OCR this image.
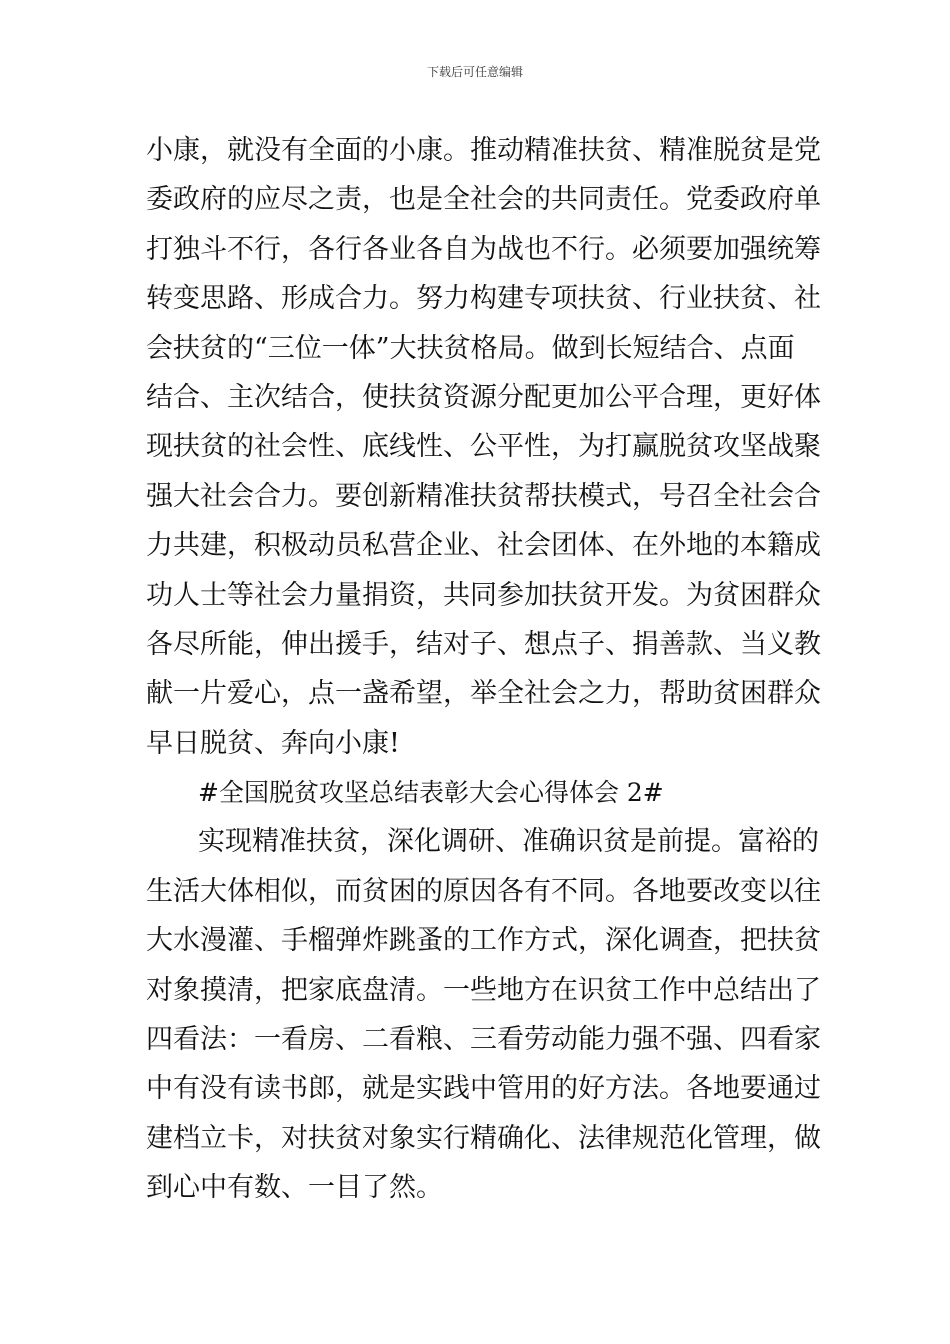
下载后可任意编辑
小康，就没有全面的小康。推动精准扶贫、精准脱贫是党
委政府的应尽之责，也是全社会的共同责任。党委政府单
打独斗不行，各行各业各自为战也不行。必须要加强统筹
转变思路、形成合力。努力构建专项扶贫、行业扶贫、社
会扶贫的“三位一体”大扶贫格局。做到长短结合、点面
结合、主次结合，使扶贫资源分配更加公平合理，更好体
现扶贫的社会性、底线性、公平性，为打赢脱贫攻坚战聚
强大社会合力。要创新精准扶贫帮扶模式，号召全社会合
力共建，积极动员私营企业、社会团体、在外地的本籍成
功人士等社会力量捐资，共同参加扶贫开发。为贫困群众
各尽所能，伸出援手，结对子、想点子、捐善款、当义教
献一片爱心，点一盏希望，举全社会之力，帮助贫困群众
早日脱贫、奔向小康!
#全国脱贫攻坚总结表彰大会心得体会 2#
实现精准扶贫，深化调研、准确识贫是前提。富裕的
生活大体相似，而贫困的原因各有不同。各地要改变以往
大水漫灌、手榴弹炸跳蚤的工作方式，深化调查，把扶贫
对象摸清，把家底盘清。一些地方在识贫工作中总结出了
四看法：一看房、二看粮、三看劳动能力强不强、四看家
中有没有读书郎，就是实践中管用的好方法。各地要通过
建档立卡，对扶贫对象实行精确化、法律规范化管理，做
到心中有数、一目了然。
